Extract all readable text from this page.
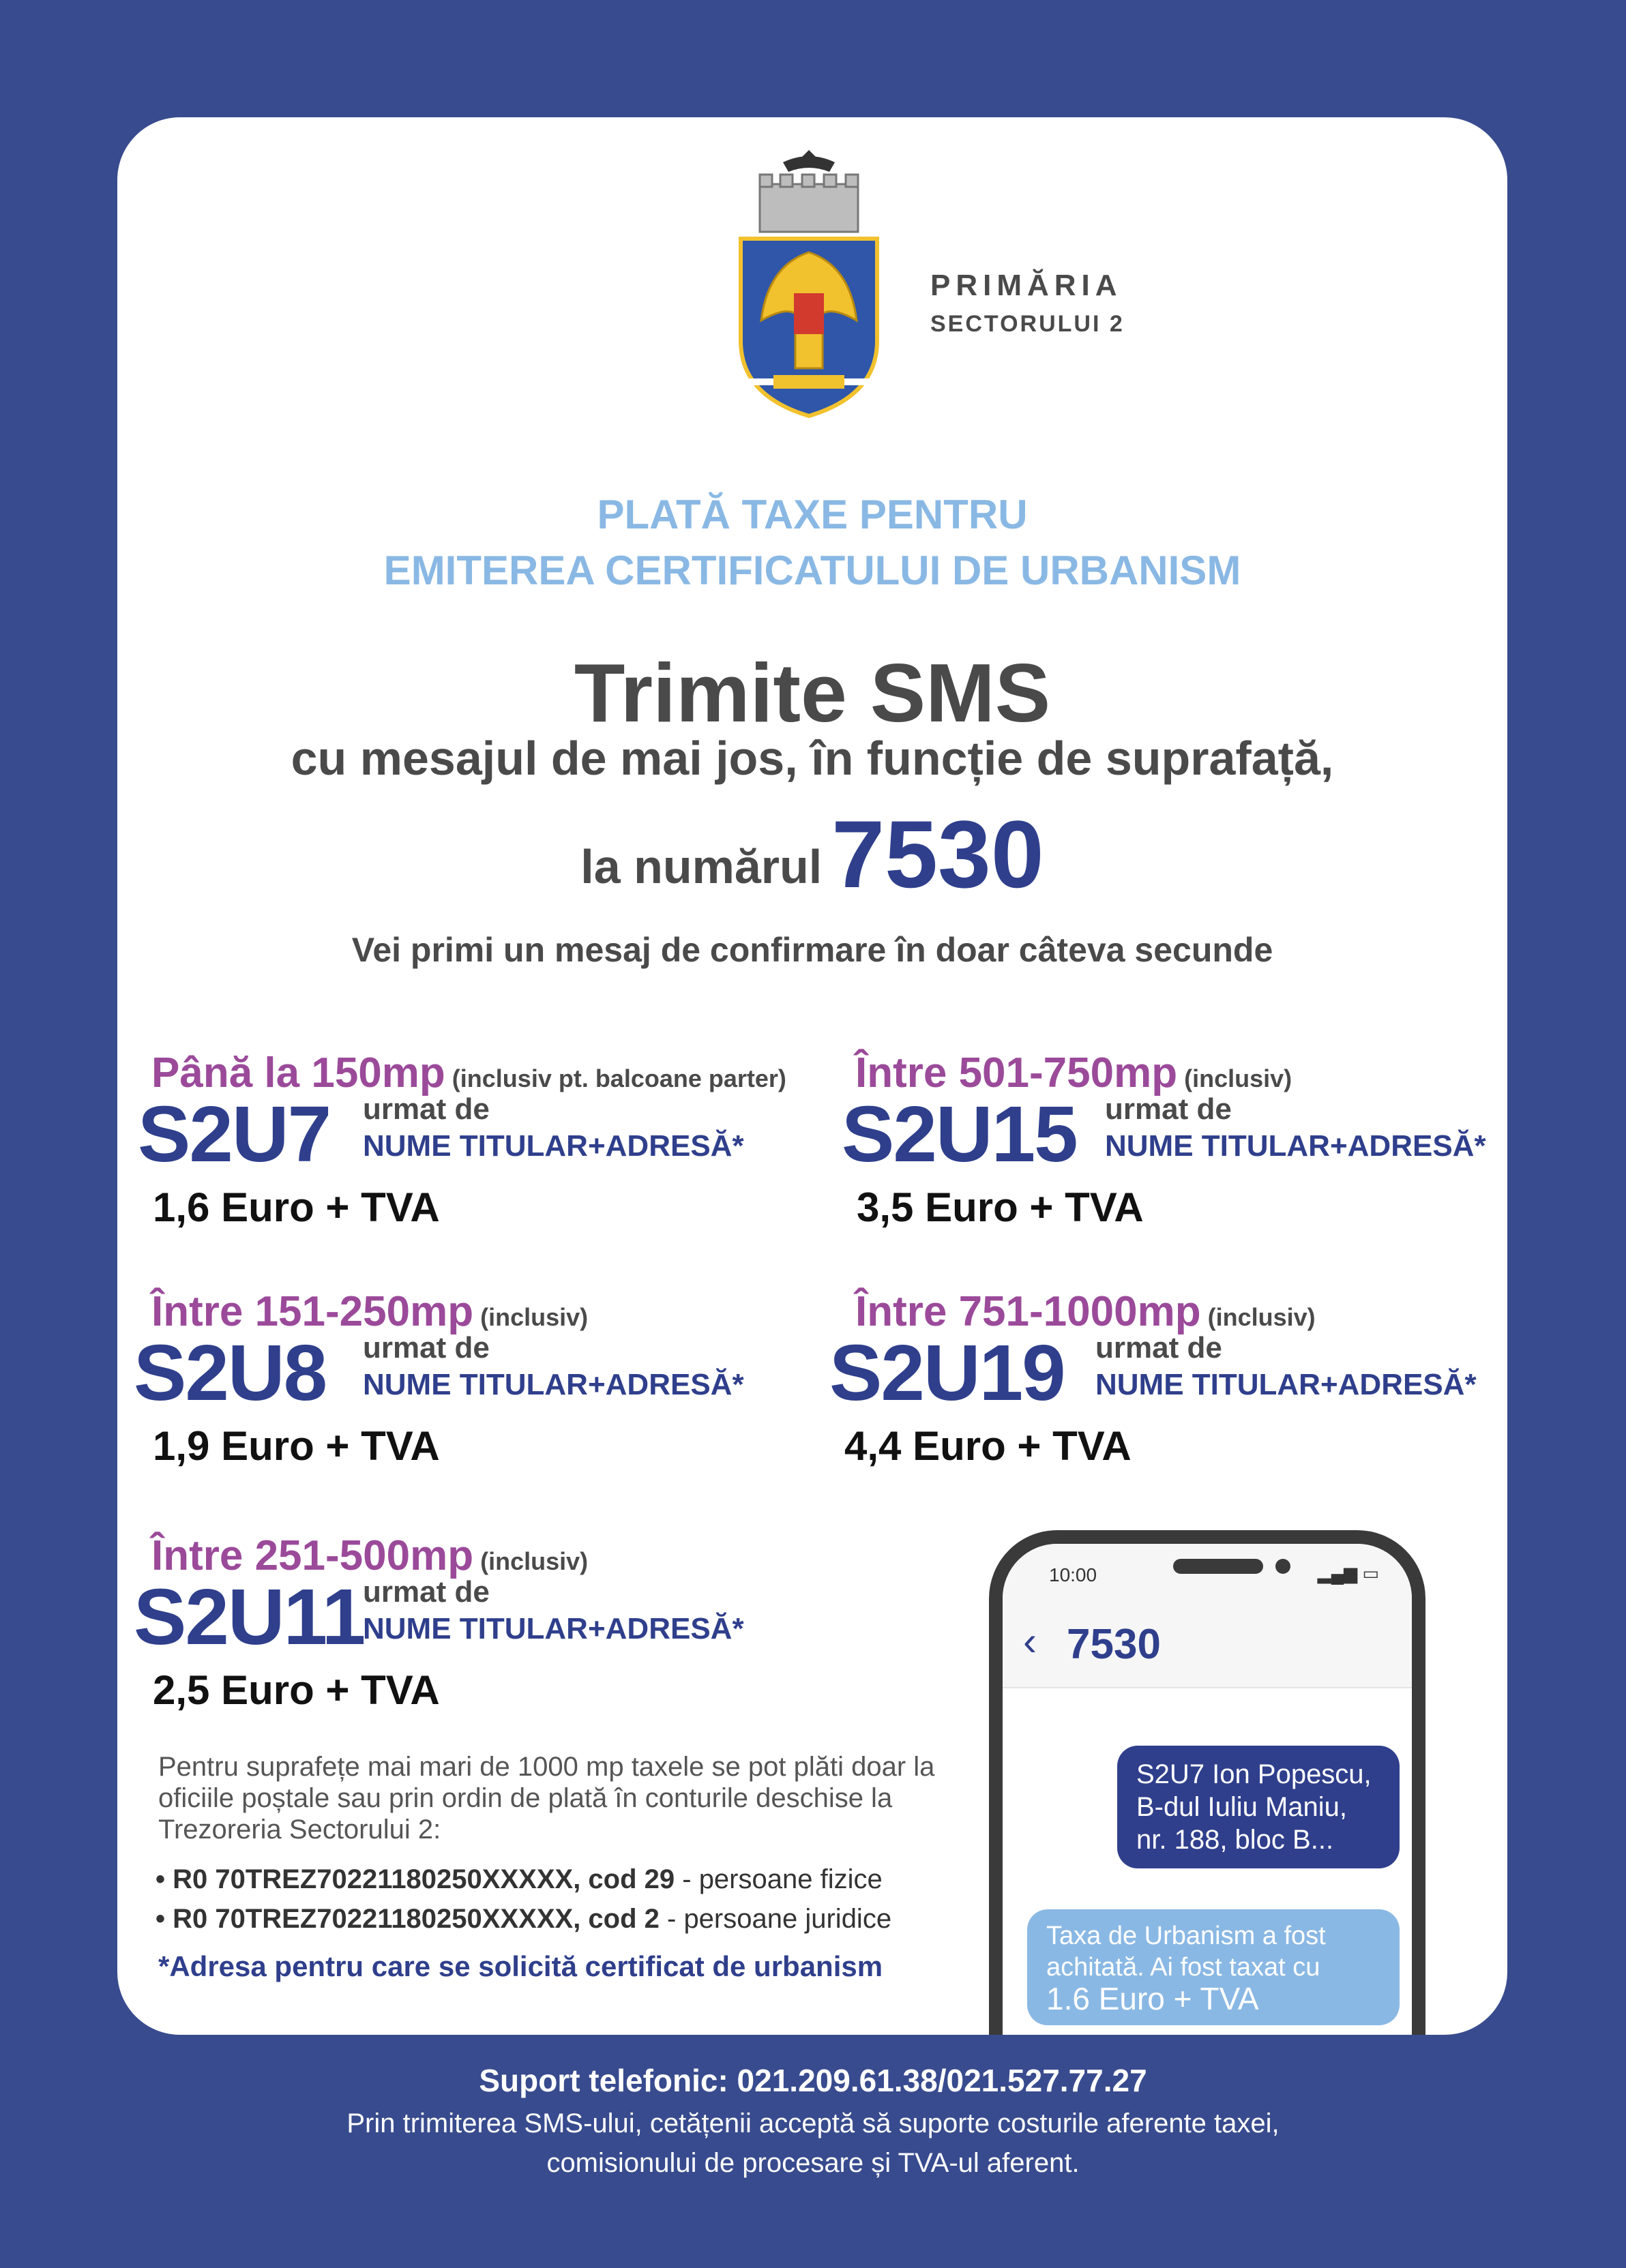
PRIMĂRIA
SECTORULUI 2
PLATĂ TAXE PENTRU
EMITEREA CERTIFICATULUI DE URBANISM
Trimite SMS
cu mesajul de mai jos, în funcție de suprafață,
la numărul 7530
Vei primi un mesaj de confirmare în doar câteva secunde
Până la 150mp (inclusiv pt. balcoane parter)
S2U7 urmat de
NUME TITULAR+ADRESĂ*
1,6 Euro + TVA
Între 501-750mp (inclusiv)
S2U15 urmat de
NUME TITULAR+ADRESĂ*
3,5 Euro + TVA
Între 151-250mp (inclusiv)
S2U8 urmat de
NUME TITULAR+ADRESĂ*
1,9 Euro + TVA
Între 751-1000mp (inclusiv)
S2U19 urmat de
NUME TITULAR+ADRESĂ*
4,4 Euro + TVA
Între 251-500mp (inclusiv)
S2U11
urmat de
NUME TITULAR+ADRESĂ*
2,5 Euro + TVA
Pentru suprafețe mai mari de 1000 mp taxele se pot plăti doar la oficiile poștale sau prin ordin de plată în conturile deschise la Trezoreria Sectorului 2:
• R0 70TREZ70221180250XXXXX, cod 29 - persoane fizice
• R0 70TREZ70221180250XXXXX, cod 2 - persoane juridice
*Adresa pentru care se solicită certificat de urbanism
10:00	▂▄▆ ▭
‹ 7530
S2U7 Ion Popescu,
B-dul Iuliu Maniu,
nr. 188, bloc B...
Taxa de Urbanism a fost
achitată. Ai fost taxat cu
1.6 Euro + TVA
Suport telefonic: 021.209.61.38/021.527.77.27
Prin trimiterea SMS-ului, cetățenii acceptă să suporte costurile aferente taxei,
comisionului de procesare și TVA-ul aferent.
